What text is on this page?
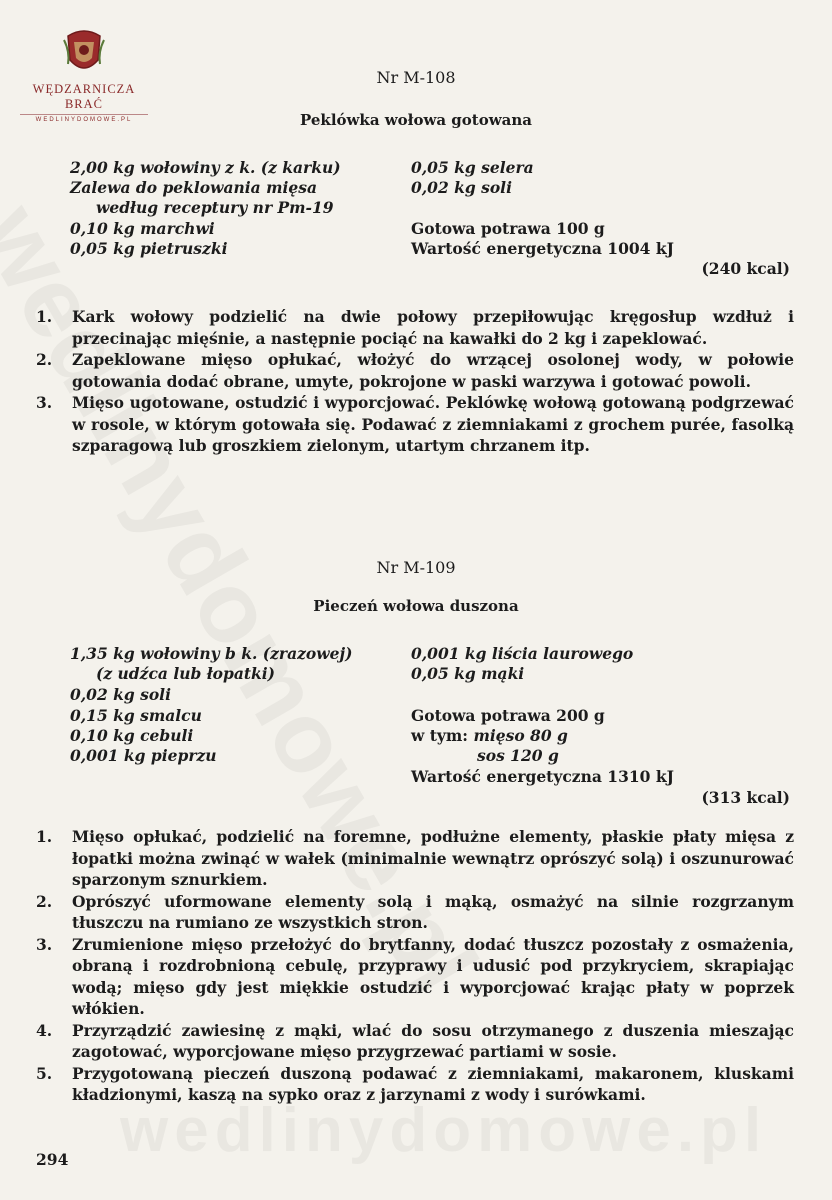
WĘDZARNICZA BRAĆ
WEDLINYDOMOWE.PL
Nr M-108
Peklówka wołowa gotowana
2,00 kg wołowiny z k. (z karku)
Zalewa do peklowania mięsa
według receptury nr Pm-19
0,10 kg marchwi
0,05 kg pietruszki
0,05 kg selera
0,02 kg soli
Gotowa potrawa 100 g
Wartość energetyczna 1004 kJ
(240 kcal)
1. Kark wołowy podzielić na dwie połowy przepiłowując kręgosłup wzdłuż i przecinając mięśnie, a następnie pociąć na kawałki do 2 kg i zapeklować.
2. Zapeklowane mięso opłukać, włożyć do wrzącej osolonej wody, w połowie gotowania dodać obrane, umyte, pokrojone w paski warzywa i gotować powoli.
3. Mięso ugotowane, ostudzić i wyporcjować. Peklówkę wołową gotowaną podgrzewać w rosole, w którym gotowała się. Podawać z ziemniakami z grochem purée, fasolką szparagową lub groszkiem zielonym, utartym chrzanem itp.
Nr M-109
Pieczeń wołowa duszona
1,35 kg wołowiny b k. (zrazowej)
(z udźca lub łopatki)
0,02 kg soli
0,15 kg smalcu
0,10 kg cebuli
0,001 kg pieprzu
0,001 kg liścia laurowego
0,05 kg mąki
Gotowa potrawa 200 g
w tym: mięso 80 g
sos 120 g
Wartość energetyczna 1310 kJ
(313 kcal)
1. Mięso opłukać, podzielić na foremne, podłużne elementy, płaskie płaty mięsa z łopatki można zwinąć w wałek (minimalnie wewnątrz oprószyć solą) i oszunurować sparzonym sznurkiem.
2. Oprószyć uformowane elementy solą i mąką, osmażyć na silnie rozgrzanym tłuszczu na rumiano ze wszystkich stron.
3. Zrumienione mięso przełożyć do brytfanny, dodać tłuszcz pozostały z osmażenia, obraną i rozdrobnioną cebulę, przyprawy i udusić pod przykryciem, skrapiając wodą; mięso gdy jest miękkie ostudzić i wyporcjować krając płaty w poprzek włókien.
4. Przyrządzić zawiesinę z mąki, wlać do sosu otrzymanego z duszenia mieszając zagotować, wyporcjowane mięso przygrzewać partiami w sosie.
5. Przygotowaną pieczeń duszoną podawać z ziemniakami, makaronem, kluskami kładzionymi, kaszą na sypko oraz z jarzynami z wody i surówkami.
294
